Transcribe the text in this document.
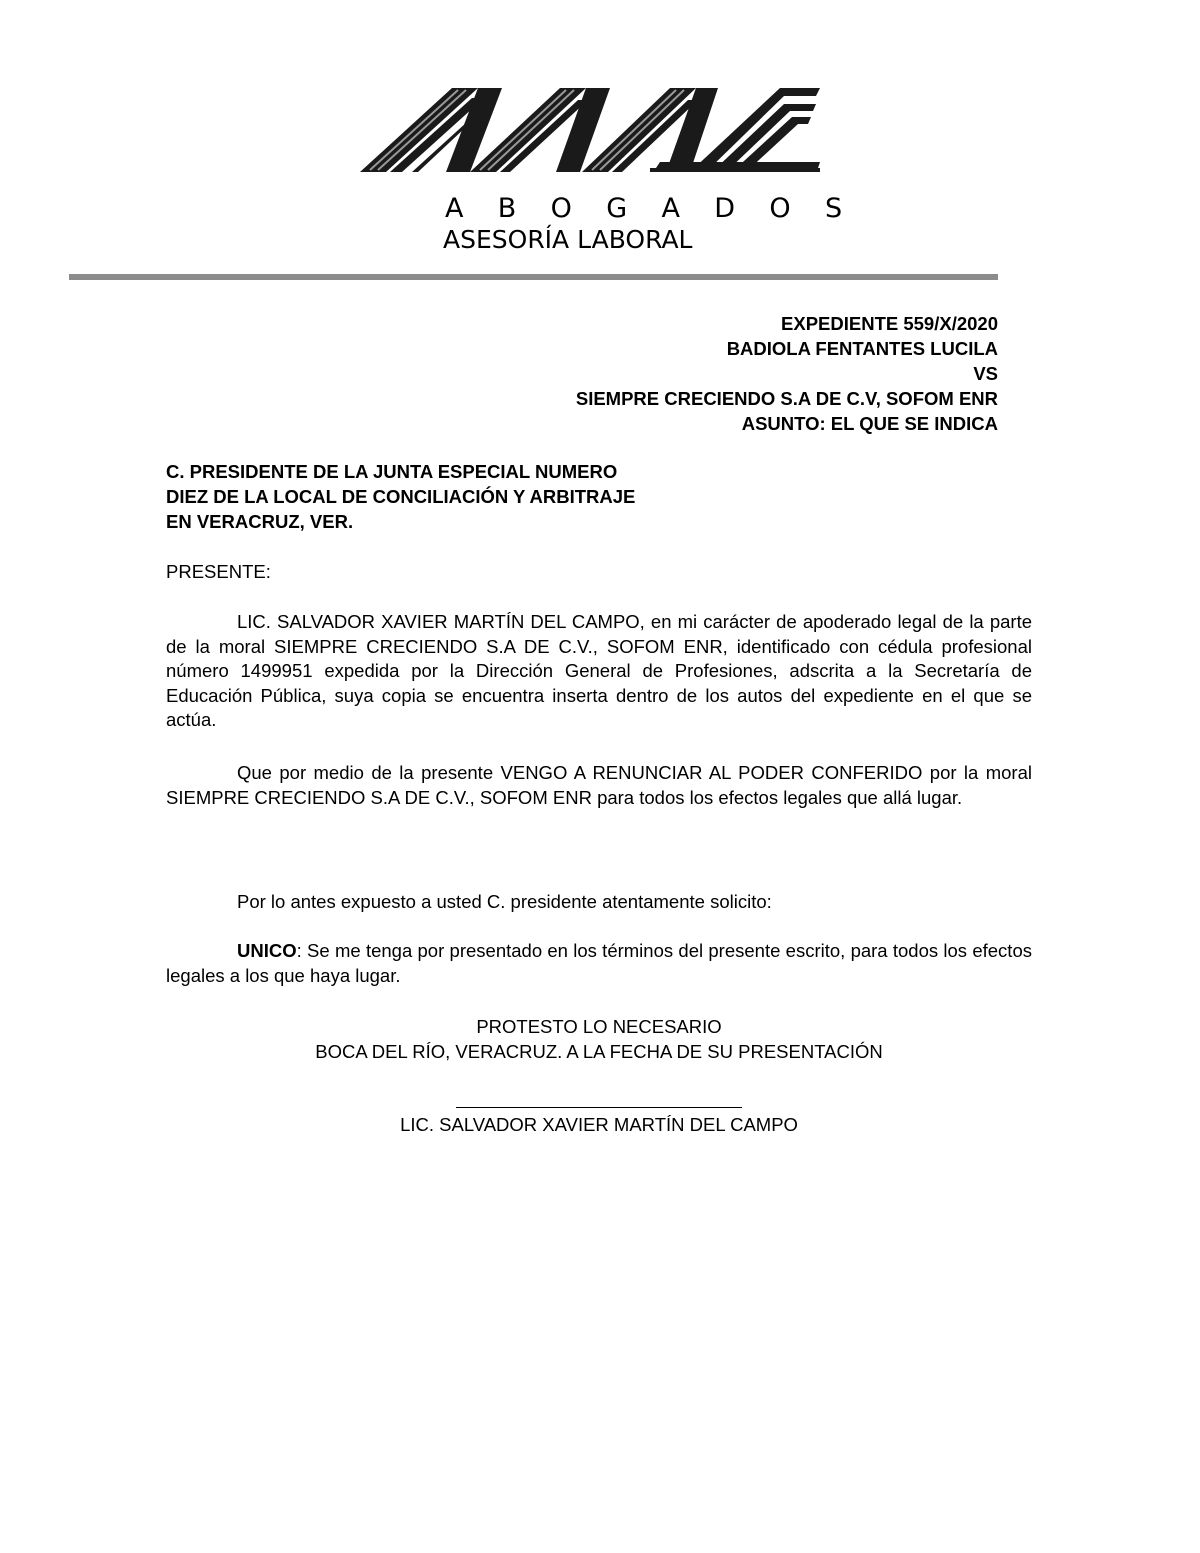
A    B    O    G    A    D    O    S
ASESORÍA LABORAL
EXPEDIENTE 559/X/2020
BADIOLA FENTANTES LUCILA
VS
SIEMPRE CRECIENDO S.A DE C.V, SOFOM ENR
ASUNTO: EL QUE SE INDICA
C. PRESIDENTE DE LA JUNTA ESPECIAL NUMERO
DIEZ DE LA LOCAL DE CONCILIACIÓN Y ARBITRAJE
EN VERACRUZ, VER.
PRESENTE:

LIC. SALVADOR XAVIER MARTÍN DEL CAMPO, en mi carácter de apoderado legal de la parte de la moral SIEMPRE CRECIENDO S.A DE C.V., SOFOM ENR, identificado con cédula profesional número 1499951 expedida por la Dirección General de Profesiones, adscrita a la Secretaría de Educación Pública, suya copia se encuentra inserta dentro de los autos del expediente en el que se actúa.

Que por medio de la presente VENGO A RENUNCIAR AL PODER CONFERIDO por la moral SIEMPRE CRECIENDO S.A DE C.V., SOFOM ENR para todos los efectos legales que allá lugar.

Por lo antes expuesto a usted C. presidente atentamente solicito:

UNICO: Se me tenga por presentado en los términos del presente escrito, para todos los efectos legales a los que haya lugar.

PROTESTO LO NECESARIO
BOCA DEL RÍO, VERACRUZ. A LA FECHA DE SU PRESENTACIÓN
LIC. SALVADOR XAVIER MARTÍN DEL CAMPO
